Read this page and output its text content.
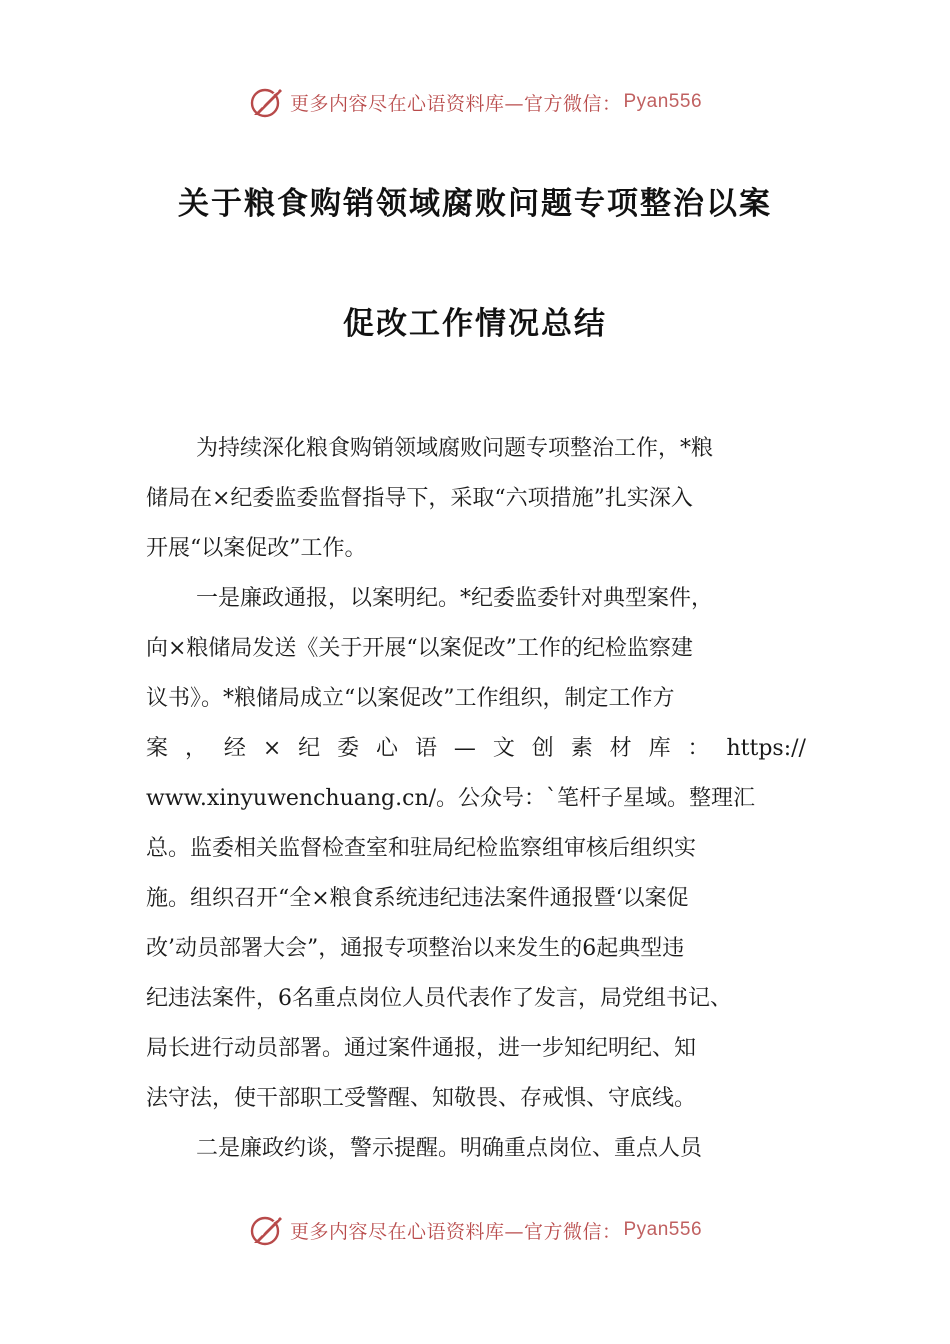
更多内容尽在心语资料库—官方微信： Pyan556
关于粮食购销领域腐败问题专项整治以案
促改工作情况总结
为持续深化粮食购销领域腐败问题专项整治工作，*粮
储局在×纪委监委监督指导下，采取“六项措施”扎实深入
开展“以案促改”工作。
一是廉政通报，以案明纪。*纪委监委针对典型案件，
向×粮储局发送《关于开展“以案促改”工作的纪检监察建
议书》。*粮储局成立“以案促改”工作组织，制定工作方
案 ， 经 × 纪 委 心 语 — 文 创 素 材 库 ： https://
www.xinyuwenchuang.cn/。公众号：`笔杆子星域。整理汇
总。监委相关监督检查室和驻局纪检监察组审核后组织实
施。组织召开“全×粮食系统违纪违法案件通报暨‘以案促
改’动员部署大会”，通报专项整治以来发生的6起典型违
纪违法案件，6名重点岗位人员代表作了发言，局党组书记、
局长进行动员部署。通过案件通报，进一步知纪明纪、知
法守法，使干部职工受警醒、知敬畏、存戒惧、守底线。
二是廉政约谈，警示提醒。明确重点岗位、重点人员
更多内容尽在心语资料库—官方微信： Pyan556
